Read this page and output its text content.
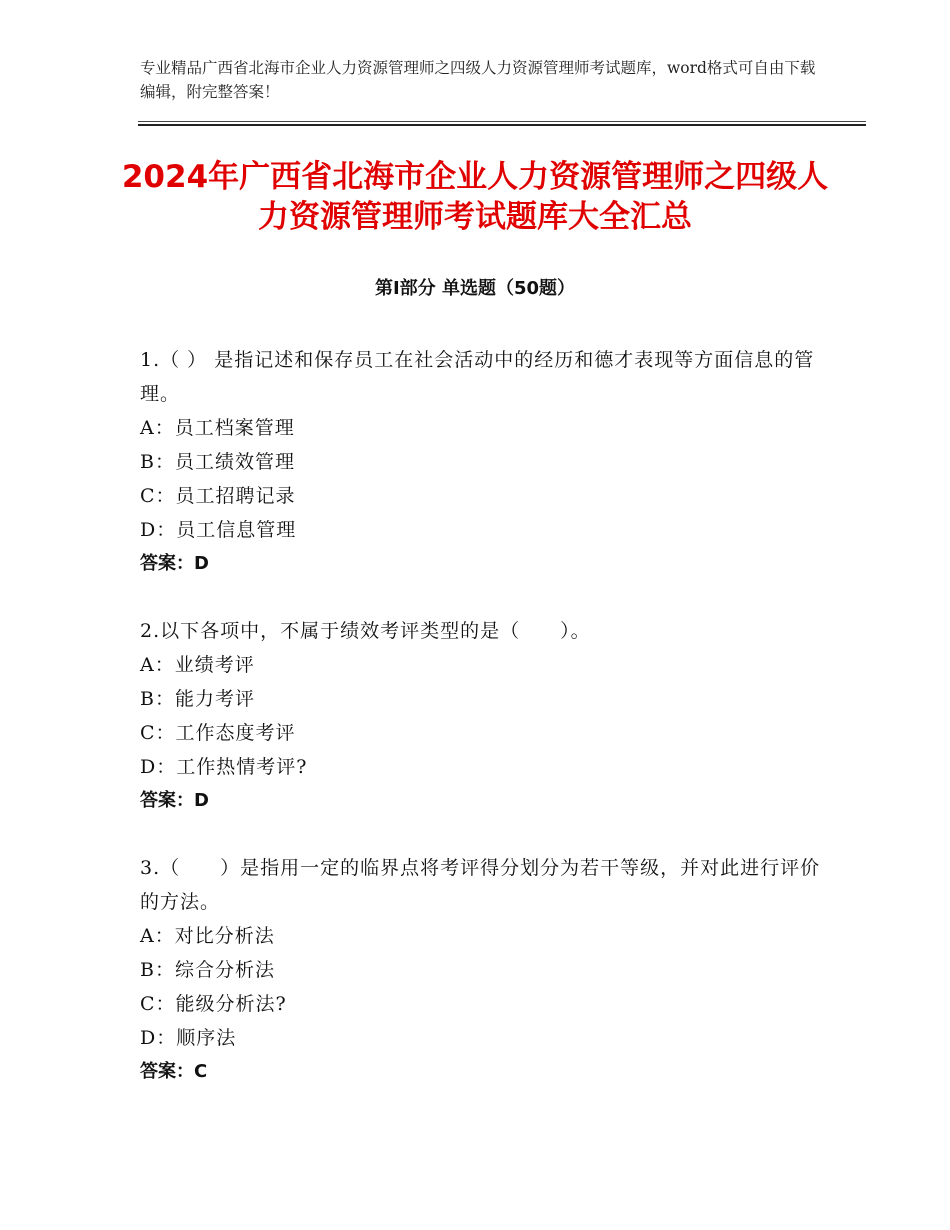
专业精品广西省北海市企业人力资源管理师之四级人力资源管理师考试题库，word格式可自由下载编辑，附完整答案！
2024年广西省北海市企业人力资源管理师之四级人力资源管理师考试题库大全汇总
第Ⅰ部分 单选题（50题）
1.（ ） 是指记述和保存员工在社会活动中的经历和德才表现等方面信息的管理。
A：员工档案管理
B：员工绩效管理
C：员工招聘记录
D：员工信息管理
答案：D
2.以下各项中，不属于绩效考评类型的是（　　）。
A：业绩考评
B：能力考评
C：工作态度考评
D：工作热情考评?
答案：D
3.（　　）是指用一定的临界点将考评得分划分为若干等级，并对此进行评价的方法。
A：对比分析法
B：综合分析法
C：能级分析法?
D：顺序法
答案：C
